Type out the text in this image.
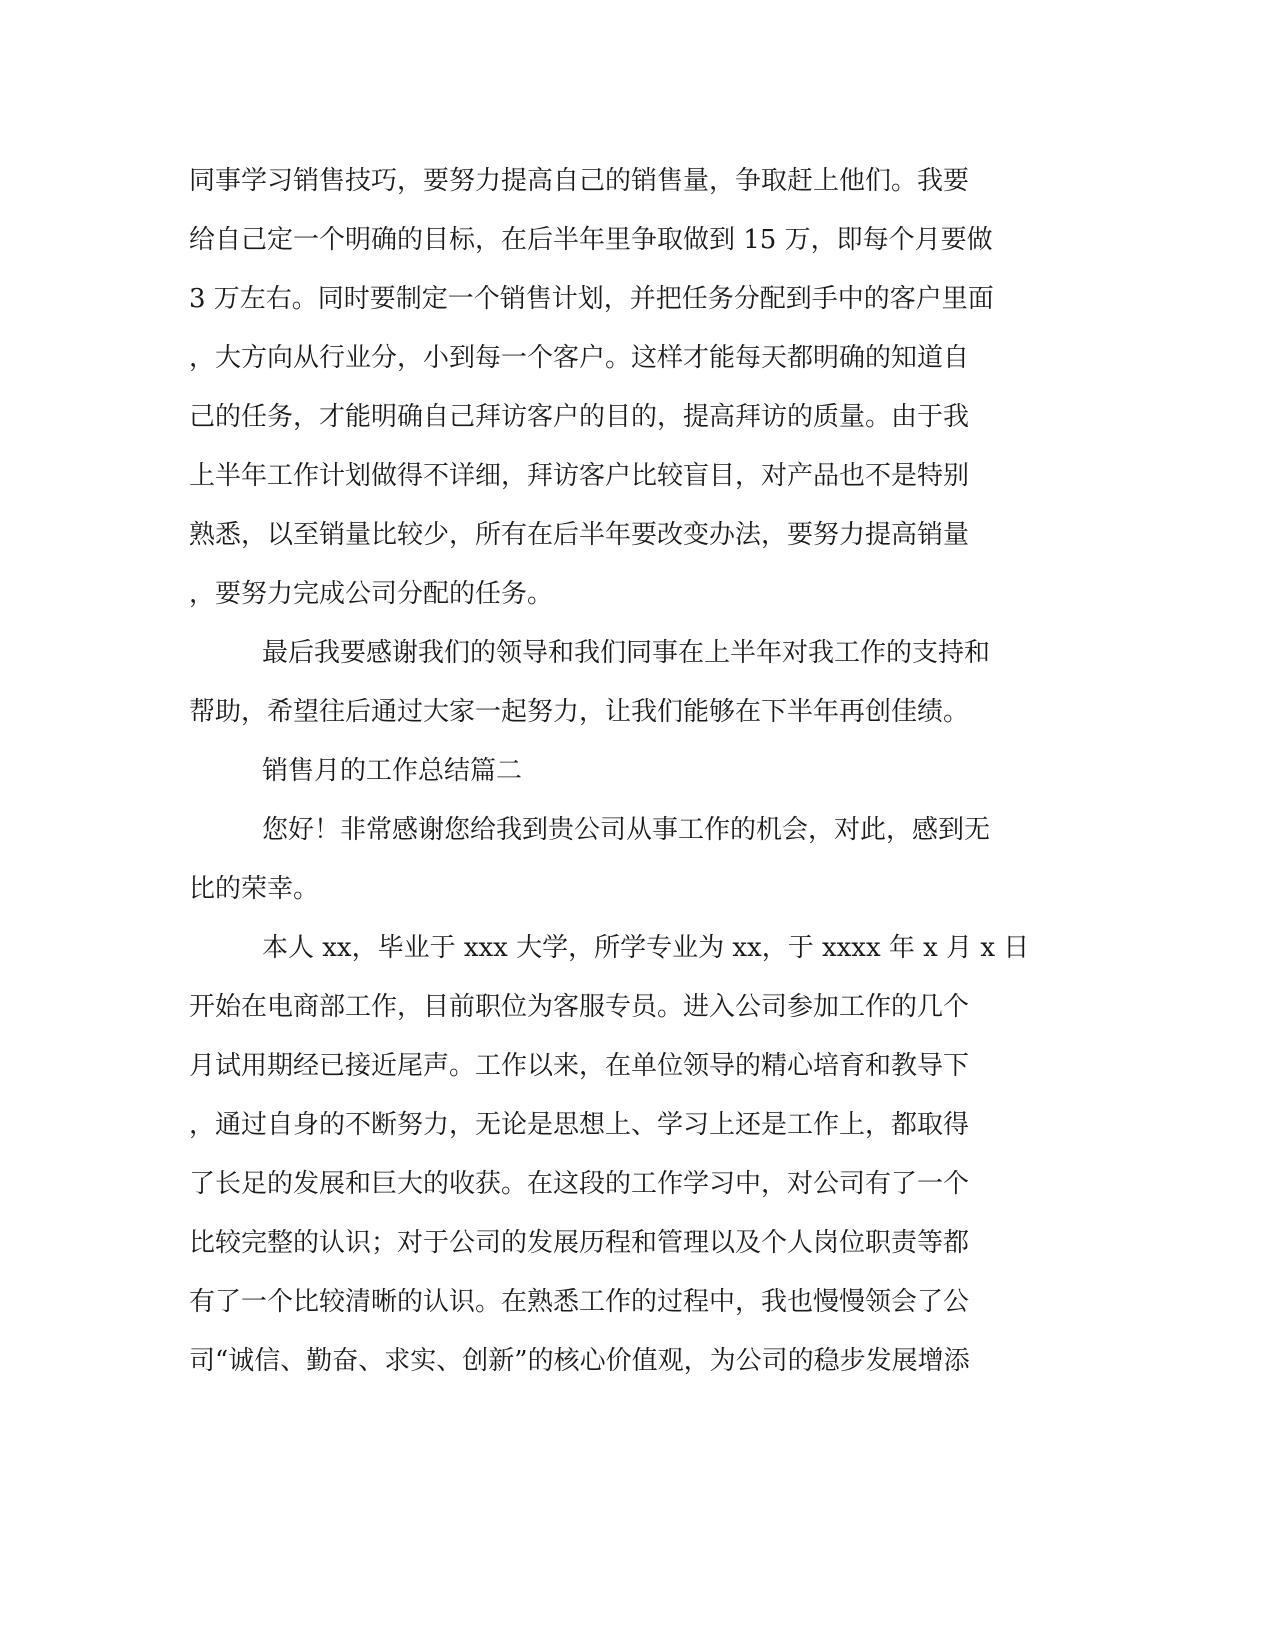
同事学习销售技巧，要努力提高自己的销售量，争取赶上他们。我要
给自己定一个明确的目标，在后半年里争取做到 15 万，即每个月要做
3 万左右。同时要制定一个销售计划，并把任务分配到手中的客户里面
，大方向从行业分，小到每一个客户。这样才能每天都明确的知道自
己的任务，才能明确自己拜访客户的目的，提高拜访的质量。由于我
上半年工作计划做得不详细，拜访客户比较盲目，对产品也不是特别
熟悉，以至销量比较少，所有在后半年要改变办法，要努力提高销量
，要努力完成公司分配的任务。
最后我要感谢我们的领导和我们同事在上半年对我工作的支持和
帮助，希望往后通过大家一起努力，让我们能够在下半年再创佳绩。
销售月的工作总结篇二
您好！非常感谢您给我到贵公司从事工作的机会，对此，感到无
比的荣幸。
本人 xx，毕业于 xxx 大学，所学专业为 xx，于 xxxx 年 x 月 x 日
开始在电商部工作，目前职位为客服专员。进入公司参加工作的几个
月试用期经已接近尾声。工作以来，在单位领导的精心培育和教导下
，通过自身的不断努力，无论是思想上、学习上还是工作上，都取得
了长足的发展和巨大的收获。在这段的工作学习中，对公司有了一个
比较完整的认识；对于公司的发展历程和管理以及个人岗位职责等都
有了一个比较清晰的认识。在熟悉工作的过程中，我也慢慢领会了公
司“诚信、勤奋、求实、创新”的核心价值观，为公司的稳步发展增添
